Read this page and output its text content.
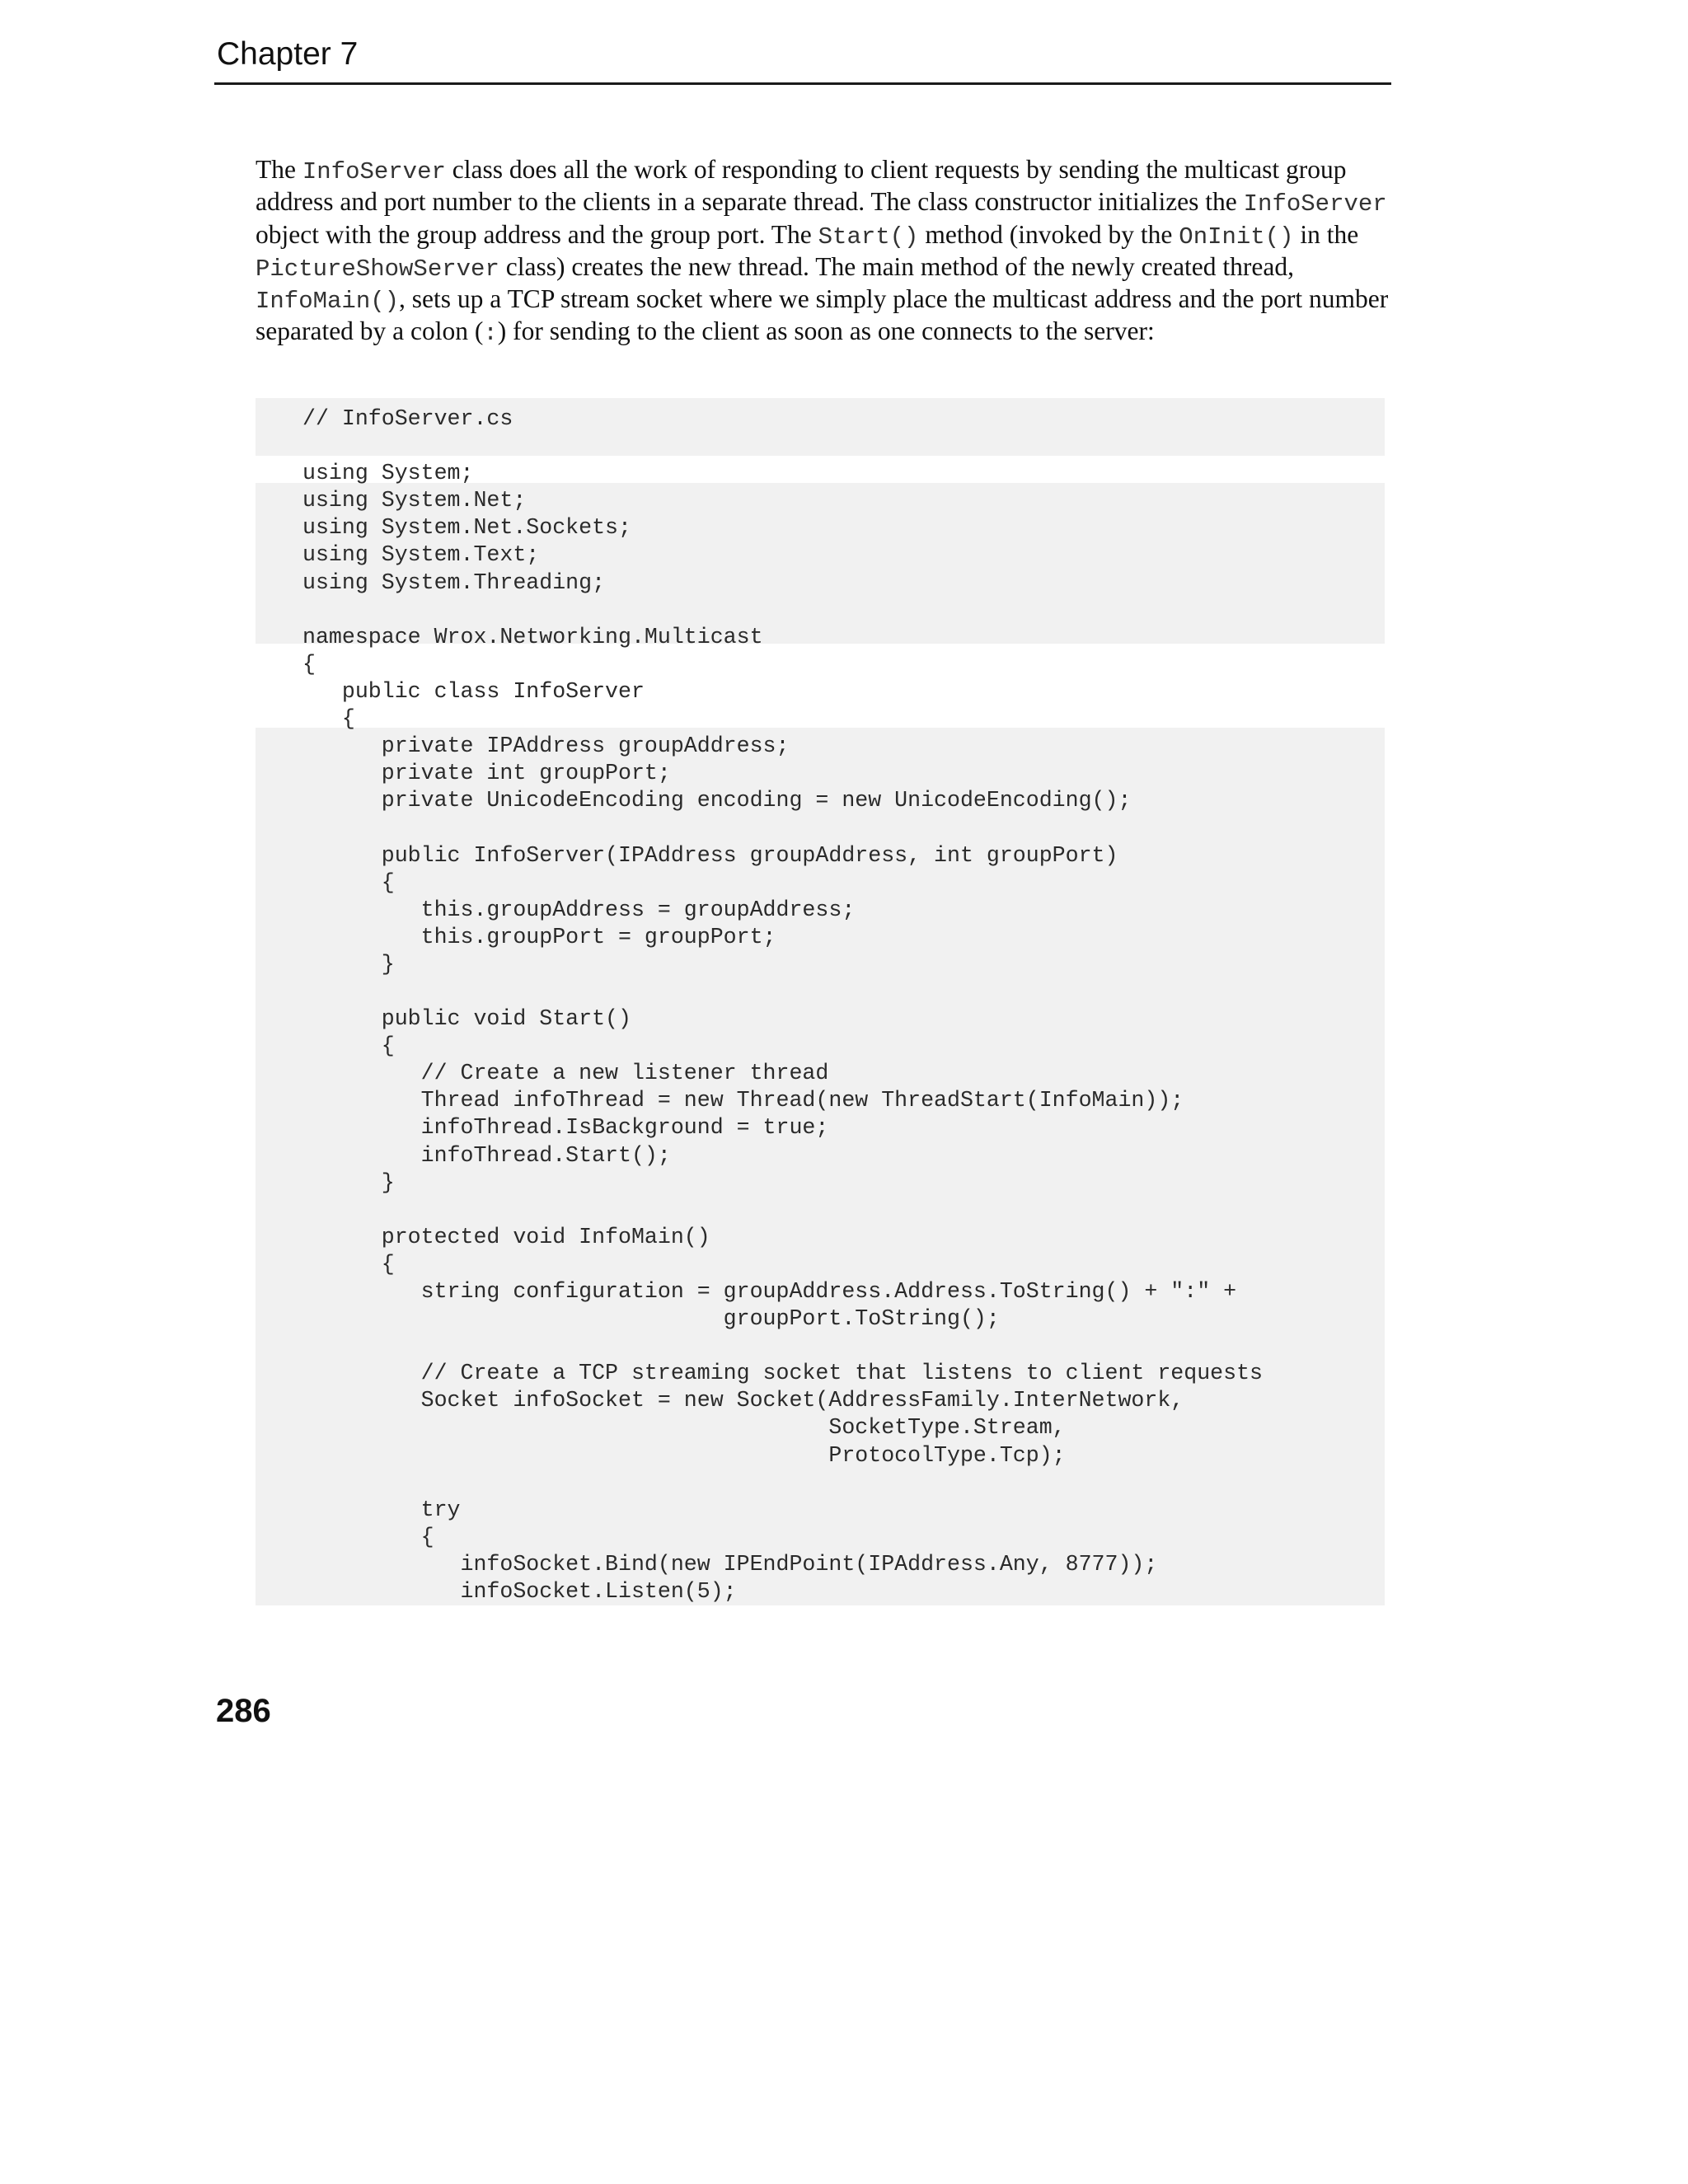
Chapter 7

The InfoServer class does all the work of responding to client requests by sending the multicast group address and port number to the clients in a separate thread. The class constructor initializes the InfoServer object with the group address and the group port. The Start() method (invoked by the OnInit() in the PictureShowServer class) creates the new thread. The main method of the newly created thread, InfoMain(), sets up a TCP stream socket where we simply place the multicast address and the port number separated by a colon (:) for sending to the client as soon as one connects to the server:

// InfoServer.cs

using System;
using System.Net;
using System.Net.Sockets;
using System.Text;
using System.Threading;

namespace Wrox.Networking.Multicast
{
public class InfoServer
{
private IPAddress groupAddress;
private int groupPort;
private UnicodeEncoding encoding = new UnicodeEncoding();

public InfoServer(IPAddress groupAddress, int groupPort)
{
this.groupAddress = groupAddress;
this.groupPort = groupPort;
}

public void Start()
{
// Create a new listener thread
Thread infoThread = new Thread(new ThreadStart(InfoMain));
infoThread.IsBackground = true;
infoThread.Start();
}

protected void InfoMain()
{
string configuration = groupAddress.Address.ToString() + ":" +
groupPort.ToString();

// Create a TCP streaming socket that listens to client requests
Socket infoSocket = new Socket(AddressFamily.InterNetwork,
SocketType.Stream,
ProtocolType.Tcp);

try
{
infoSocket.Bind(new IPEndPoint(IPAddress.Any, 8777));
infoSocket.Listen(5);
286
